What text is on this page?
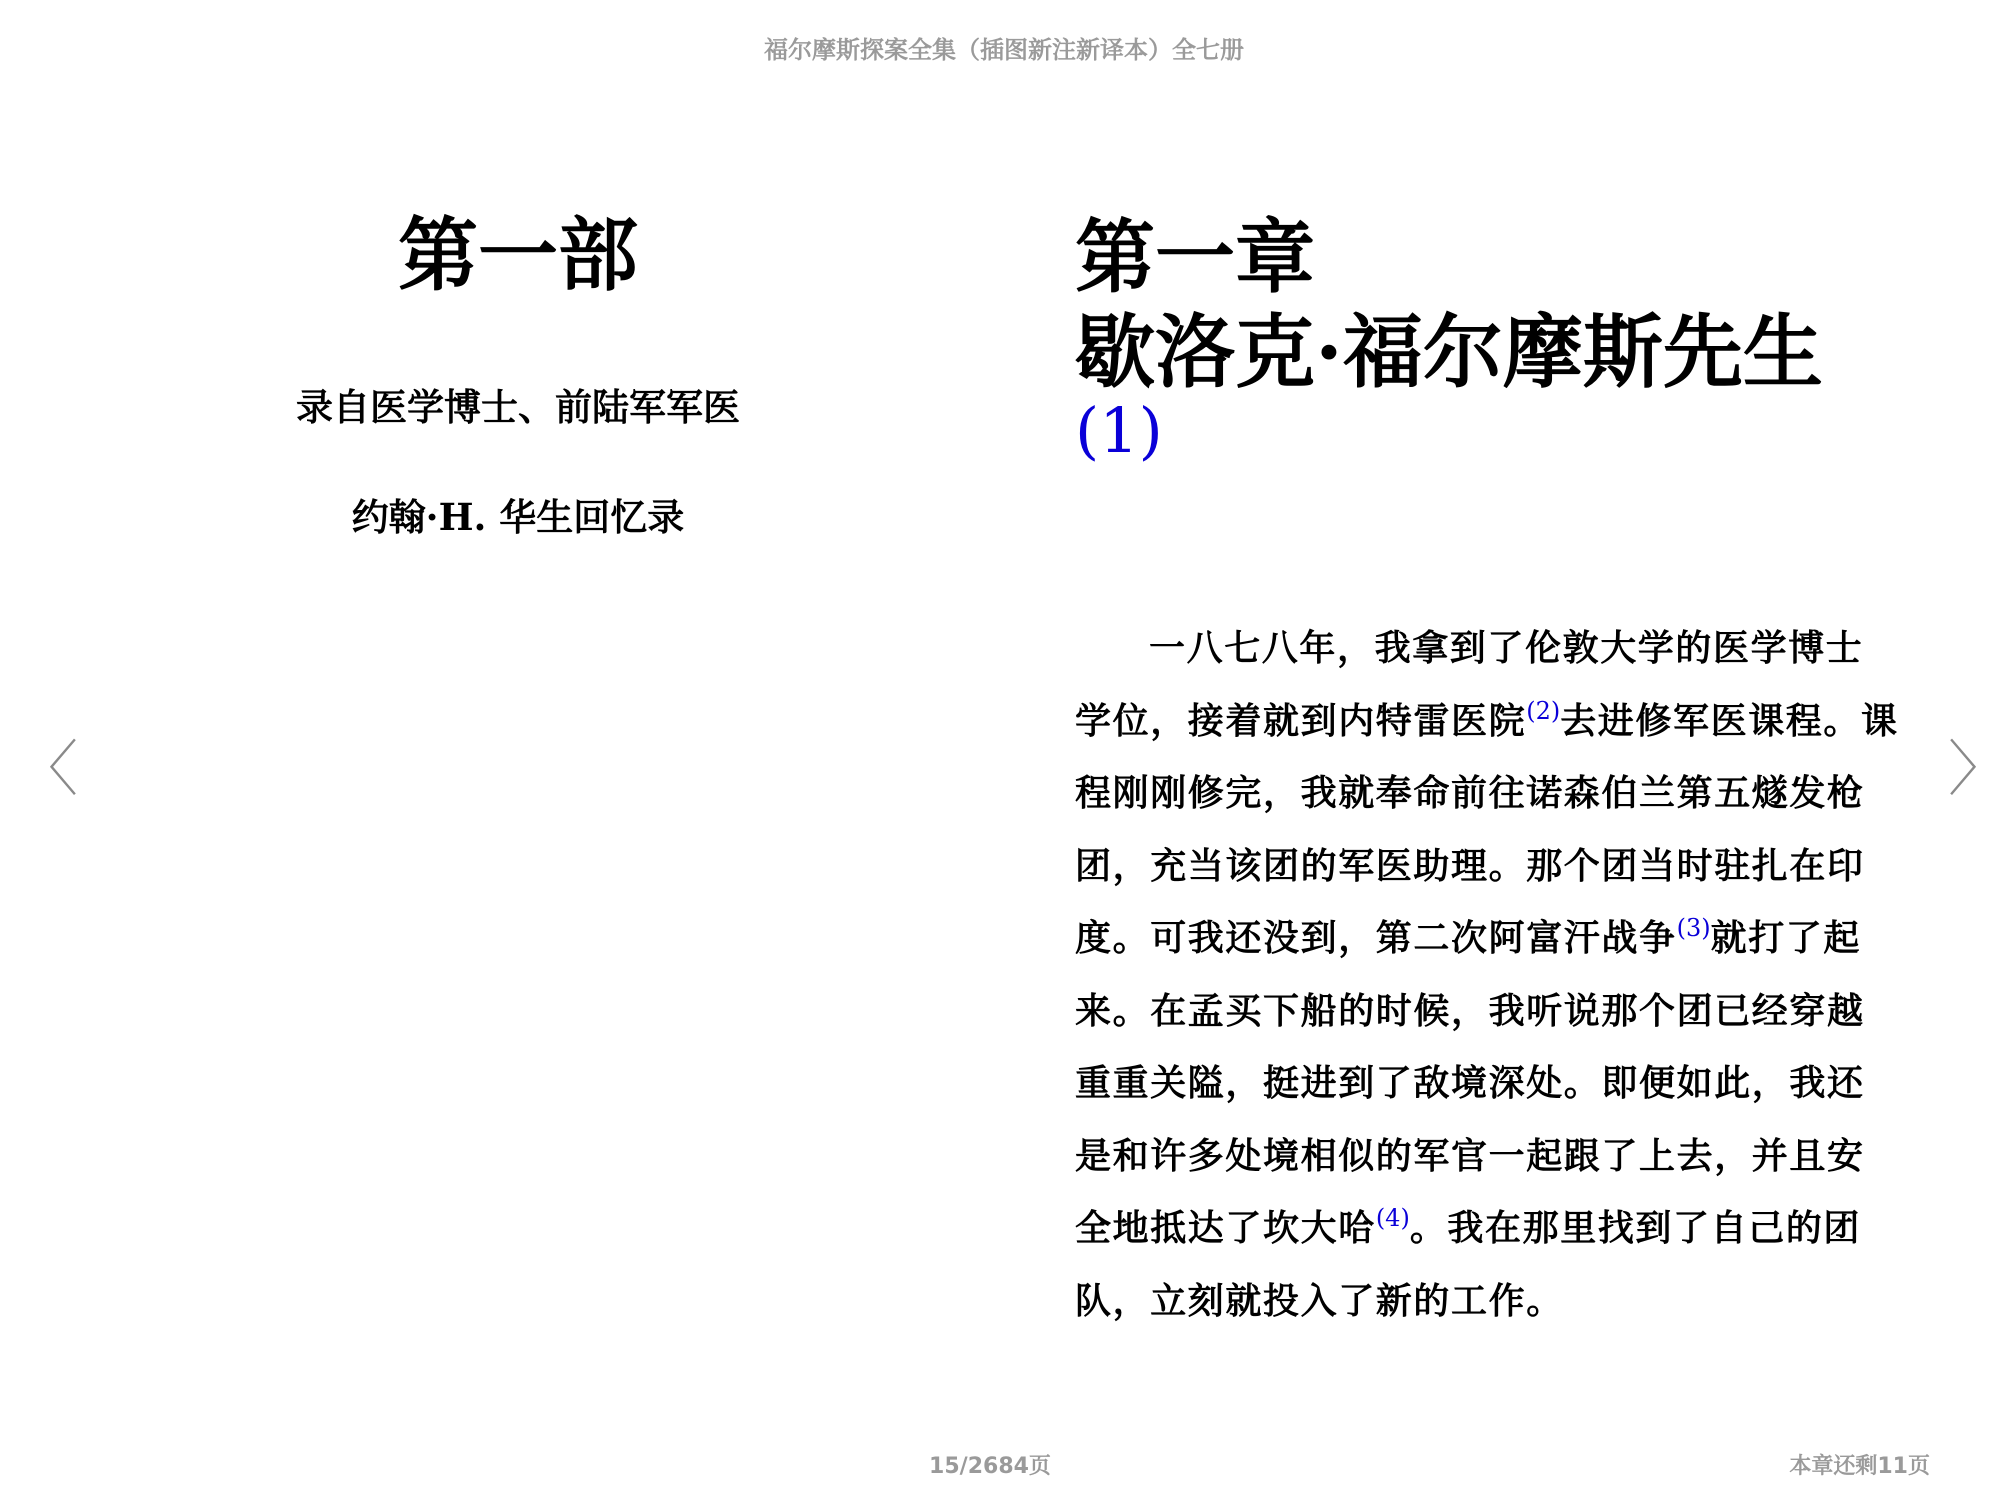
福尔摩斯探案全集（插图新注新译本）全七册
〈	〉
第一部

录自医学博士、前陆军军医

约翰·H. 华生回忆录

第一章
歇洛克·福尔摩斯先生
(1)
一八七八年，我拿到了伦敦大学的医学博士
学位，接着就到内特雷医院$^{(2)}$去进修军医课程。课
程刚刚修完，我就奉命前往诺森伯兰第五燧发枪
团，充当该团的军医助理。那个团当时驻扎在印
度。可我还没到，第二次阿富汗战争$^{(3)}$就打了起
来。在孟买下船的时候，我听说那个团已经穿越
重重关隘，挺进到了敌境深处。即便如此，我还
是和许多处境相似的军官一起跟了上去，并且安
全地抵达了坎大哈$^{(4)}$。我在那里找到了自己的团
队，立刻就投入了新的工作。
15/2684页	本章还剩11页
